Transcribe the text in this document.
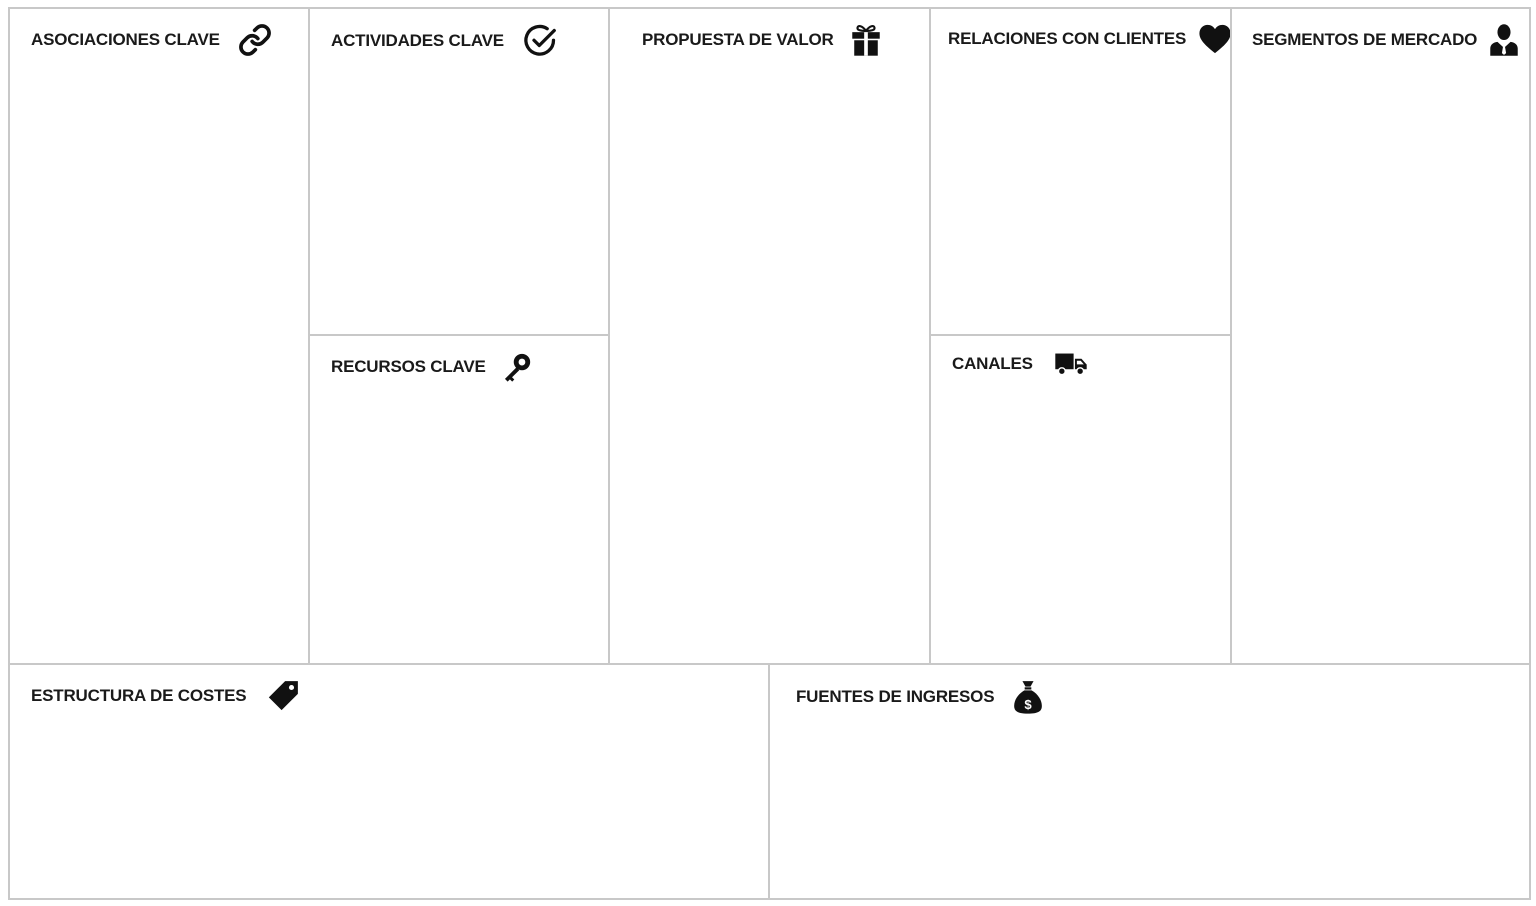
ASOCIACIONES CLAVE	ACTIVIDADES CLAVE
RECURSOS CLAVE
PROPUESTA DE VALOR	RELACIONES CON CLIENTES
CANALES
SEGMENTOS DE MERCADO
ESTRUCTURA DE COSTES	FUENTES DE INGRESOS	$
